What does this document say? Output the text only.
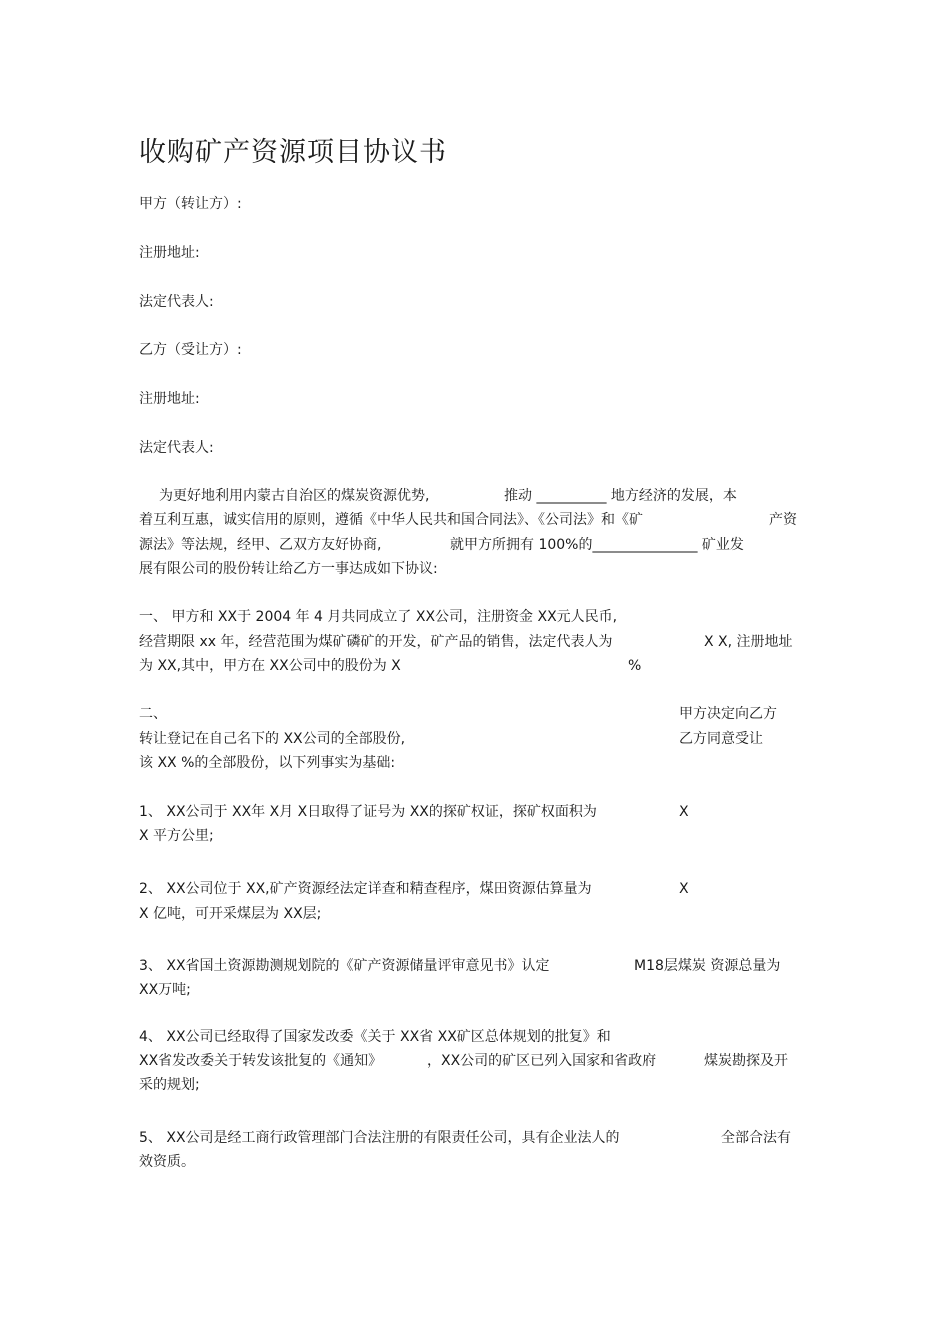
收购矿产资源项目协议书
甲方（转让方）:
注册地址:
法定代表人:
乙方（受让方）:
注册地址:
法定代表人:
为更好地利用内蒙古自治区的煤炭资源优势,	推动 __________ 地方经济的发展，本
着互利互惠，诚实信用的原则，遵循《中华人民共和国合同法》、《公司法》和《矿	产资
源法》等法规，经甲、乙双方友好协商,	就甲方所拥有 100%的_______________ 矿业发
展有限公司的股份转让给乙方一事达成如下协议:
一、 甲方和 XX于 2004 年 4 月共同成立了 XX公司，注册资金 XX元人民币,
经营期限 xx 年，经营范围为煤矿磷矿的开发，矿产品的销售，法定代表人为	X X, 注册地址
为 XX,其中，甲方在 XX公司中的股份为 X	%
二、	甲方决定向乙方
转让登记在自己名下的 XX公司的全部股份,	乙方同意受让
该 XX %的全部股份，以下列事实为基础:
1、 XX公司于 XX年 X月 X日取得了证号为 XX的探矿权证，探矿权面积为	X
X 平方公里;
2、 XX公司位于 XX,矿产资源经法定详查和精查程序，煤田资源估算量为	X
X 亿吨，可开采煤层为 XX层;
3、 XX省国土资源勘测规划院的《矿产资源储量评审意见书》认定	M18层煤炭 资源总量为
XX万吨;
4、 XX公司已经取得了国家发改委《关于 XX省 XX矿区总体规划的批复》和
XX省发改委关于转发该批复的《通知》	，XX公司的矿区已列入国家和省政府	煤炭勘探及开
采的规划;
5、 XX公司是经工商行政管理部门合法注册的有限责任公司，具有企业法人的	全部合法有
效资质。
